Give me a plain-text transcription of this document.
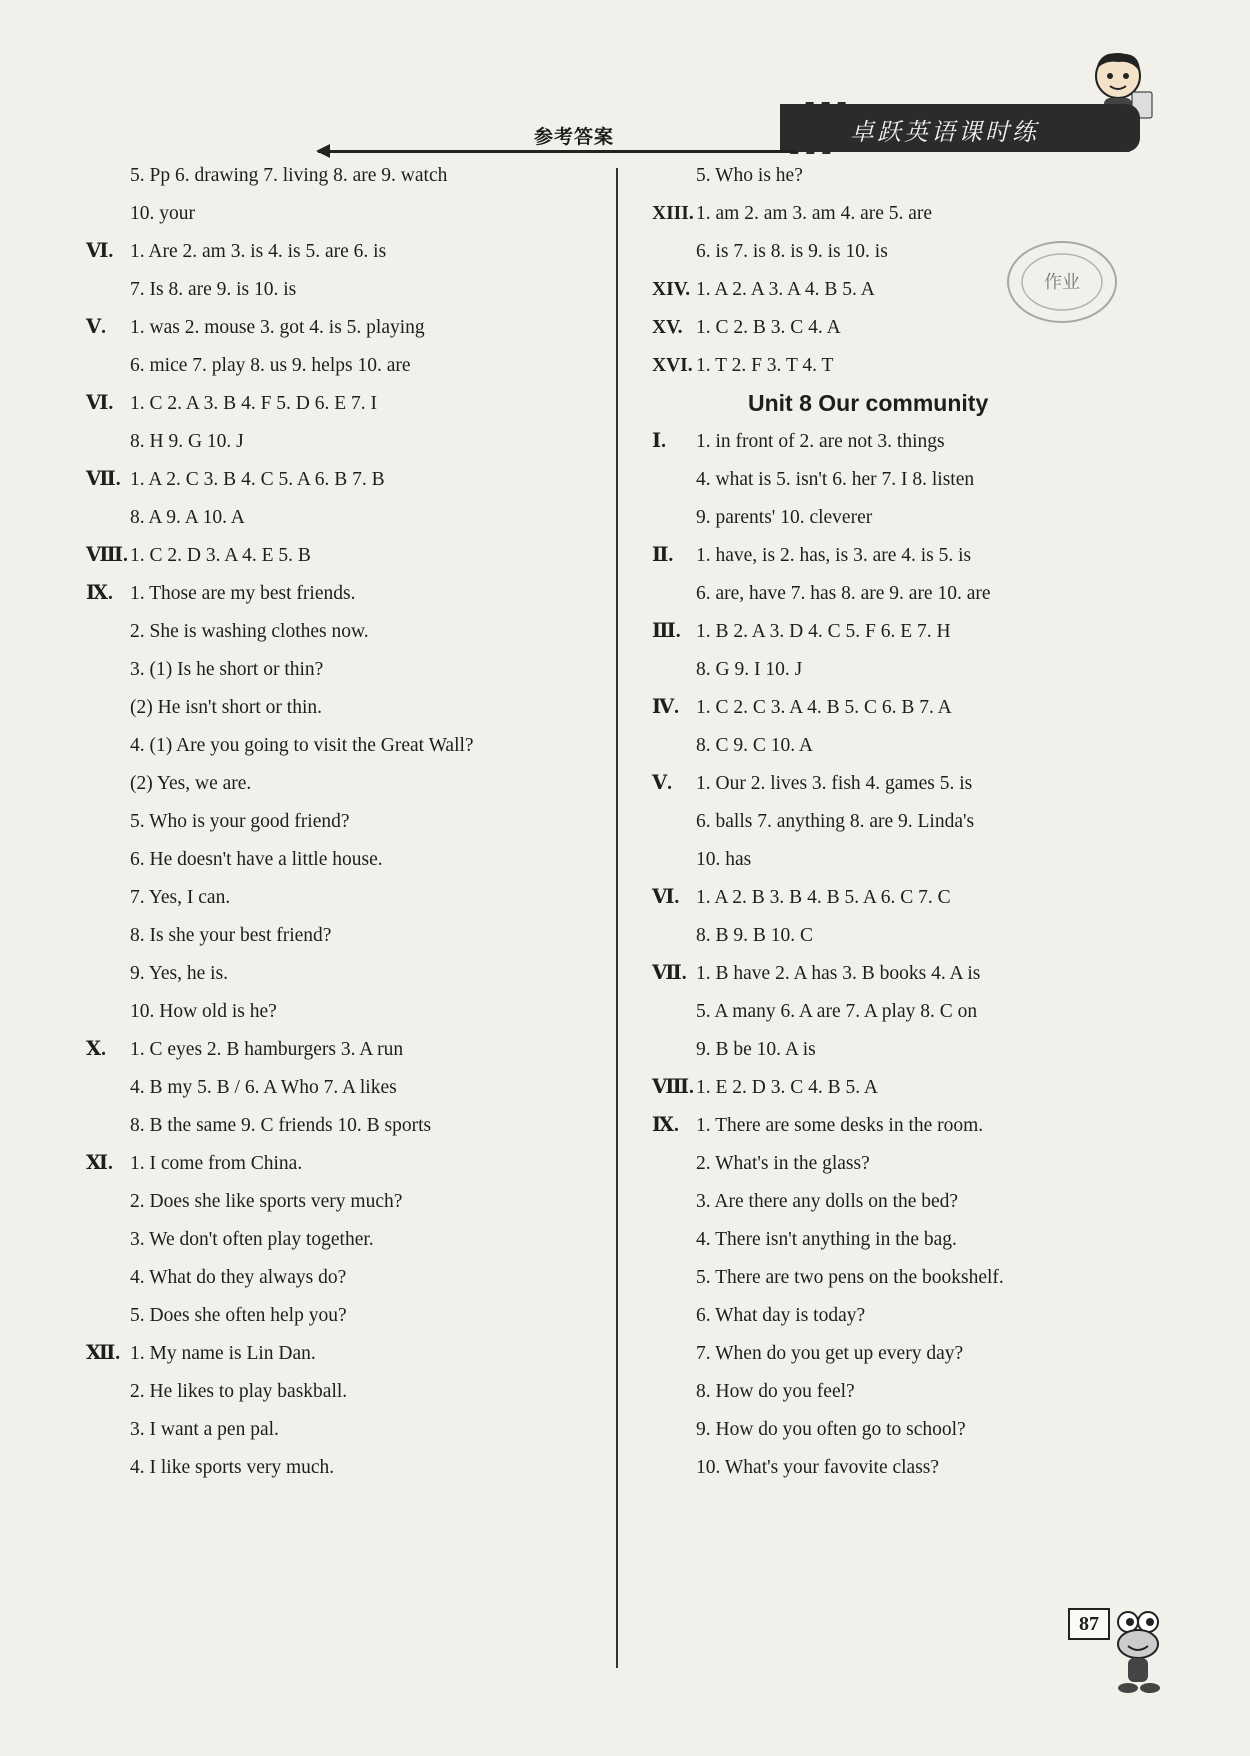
卓跃英语课时练
参考答案
5. Pp 6. drawing 7. living 8. are 9. watch
10. your
Ⅵ. 1. Are 2. am 3. is 4. is 5. are 6. is
7. Is 8. are 9. is 10. is
Ⅴ. 1. was 2. mouse 3. got 4. is 5. playing
6. mice 7. play 8. us 9. helps 10. are
Ⅵ. 1. C 2. A 3. B 4. F 5. D 6. E 7. I
8. H 9. G 10. J
Ⅶ. 1. A 2. C 3. B 4. C 5. A 6. B 7. B
8. A 9. A 10. A
Ⅷ. 1. C 2. D 3. A 4. E 5. B
Ⅸ. 1. Those are my best friends.
2. She is washing clothes now.
3. (1) Is he short or thin?
(2) He isn't short or thin.
4. (1) Are you going to visit the Great Wall?
(2) Yes, we are.
5. Who is your good friend?
6. He doesn't have a little house.
7. Yes, I can.
8. Is she your best friend?
9. Yes, he is.
10. How old is he?
Ⅹ. 1. C eyes 2. B hamburgers 3. A run
4. B my 5. B / 6. A Who 7. A likes
8. B the same 9. C friends 10. B sports
Ⅺ. 1. I come from China.
2. Does she like sports very much?
3. We don't often play together.
4. What do they always do?
5. Does she often help you?
Ⅻ. 1. My name is Lin Dan.
2. He likes to play baskball.
3. I want a pen pal.
4. I like sports very much.
Unit 8 Our community
5. Who is he?
XIII. 1. am 2. am 3. am 4. are 5. are
6. is 7. is 8. is 9. is 10. is
XIV. 1. A 2. A 3. A 4. B 5. A
XV. 1. C 2. B 3. C 4. A
XVI. 1. T 2. F 3. T 4. T
Ⅰ. 1. in front of 2. are not 3. things
4. what is 5. isn't 6. her 7. I 8. listen
9. parents' 10. cleverer
Ⅱ. 1. have, is 2. has, is 3. are 4. is 5. is
6. are, have 7. has 8. are 9. are 10. are
Ⅲ. 1. B 2. A 3. D 4. C 5. F 6. E 7. H
8. G 9. I 10. J
Ⅳ. 1. C 2. C 3. A 4. B 5. C 6. B 7. A
8. C 9. C 10. A
Ⅴ. 1. Our 2. lives 3. fish 4. games 5. is
6. balls 7. anything 8. are 9. Linda's
10. has
Ⅵ. 1. A 2. B 3. B 4. B 5. A 6. C 7. C
8. B 9. B 10. C
Ⅶ. 1. B have 2. A has 3. B books 4. A is
5. A many 6. A are 7. A play 8. C on
9. B be 10. A is
Ⅷ. 1. E 2. D 3. C 4. B 5. A
Ⅸ. 1. There are some desks in the room.
2. What's in the glass?
3. Are there any dolls on the bed?
4. There isn't anything in the bag.
5. There are two pens on the bookshelf.
6. What day is today?
7. When do you get up every day?
8. How do you feel?
9. How do you often go to school?
10. What's your favovite class?
作业
87
